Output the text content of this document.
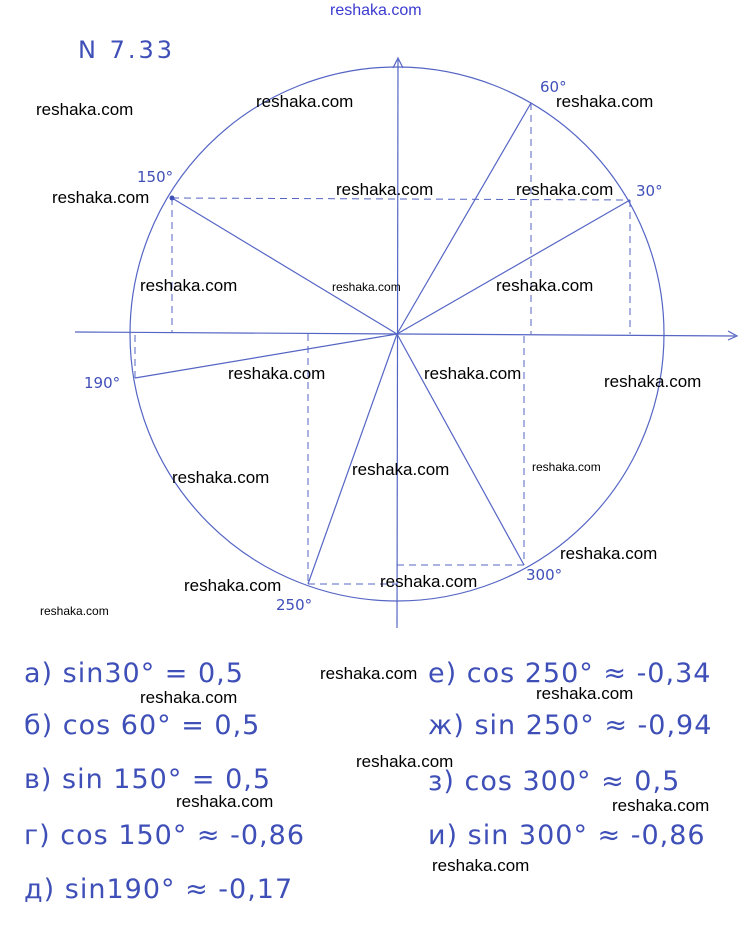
reshaka.com
N 7.33
60°
30°
150°
190°
250°
300°
а) sin30° = 0,5
б) cos 60° = 0,5
в) sin 150° = 0,5
г) cos 150° ≈ -0,86
д) sin190° ≈ -0,17
е) cos 250° ≈ -0,34
ж) sin 250° ≈ -0,94
з) cos 300° ≈ 0,5
и) sin 300° ≈ -0,86
reshaka.com	reshaka.com	reshaka.com
reshaka.com	reshaka.com	reshaka.com
reshaka.com	reshaka.com	reshaka.com
reshaka.com	reshaka.com	reshaka.com
reshaka.com	reshaka.com
reshaka.com
reshaka.com
reshaka.com	reshaka.com
reshaka.com
reshaka.com
reshaka.com	reshaka.com
reshaka.com
reshaka.com	reshaka.com
reshaka.com
